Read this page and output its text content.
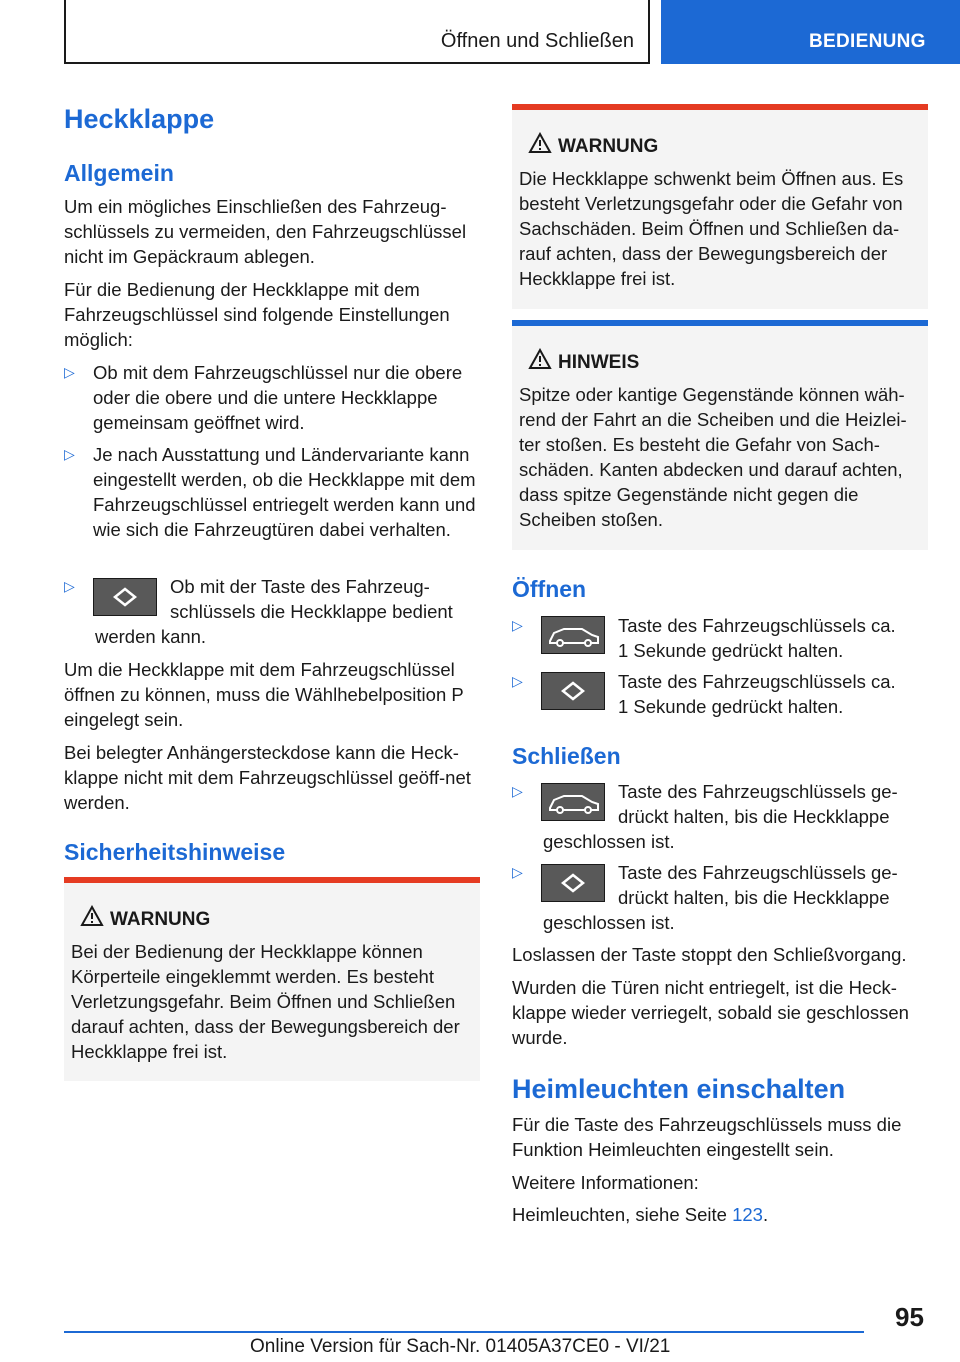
Öffnen und Schließen	BEDIENUNG
Heckklappe
Allgemein
Um ein mögliches Einschließen des Fahrzeug-schlüssels zu vermeiden, den Fahrzeugschlüssel nicht im Gepäckraum ablegen.
Für die Bedienung der Heckklappe mit dem Fahrzeugschlüssel sind folgende Einstellungen möglich:
▷ Ob mit dem Fahrzeugschlüssel nur die obere oder die obere und die untere Heckklappe gemeinsam geöffnet wird.
▷ Je nach Ausstattung und Ländervariante kann eingestellt werden, ob die Heckklappe mit dem Fahrzeugschlüssel entriegelt werden kann und wie sich die Fahrzeugtüren dabei verhalten.
▷	Ob mit der Taste des Fahrzeug-
schlüssels die Heckklappe bedient
werden kann.
Um die Heckklappe mit dem Fahrzeugschlüssel öffnen zu können, muss die Wählhebelposition P eingelegt sein.
Bei belegter Anhängersteckdose kann die Heck-klappe nicht mit dem Fahrzeugschlüssel geöff-net werden.
Sicherheitshinweise
WARNUNG
Bei der Bedienung der Heckklappe können Körperteile eingeklemmt werden. Es besteht Verletzungsgefahr. Beim Öffnen und Schließen darauf achten, dass der Bewegungsbereich der Heckklappe frei ist.
WARNUNG
Die Heckklappe schwenkt beim Öffnen aus. Es besteht Verletzungsgefahr oder die Gefahr von Sachschäden. Beim Öffnen und Schließen da-rauf achten, dass der Bewegungsbereich der Heckklappe frei ist.
HINWEIS
Spitze oder kantige Gegenstände können wäh-rend der Fahrt an die Scheiben und die Heizlei-ter stoßen. Es besteht die Gefahr von Sach-schäden. Kanten abdecken und darauf achten, dass spitze Gegenstände nicht gegen die Scheiben stoßen.
Öffnen
▷	Taste des Fahrzeugschlüssels ca.
1 Sekunde gedrückt halten.
▷	Taste des Fahrzeugschlüssels ca.
1 Sekunde gedrückt halten.
Schließen
▷	Taste des Fahrzeugschlüssels ge-
drückt halten, bis die Heckklappe
geschlossen ist.
▷	Taste des Fahrzeugschlüssels ge-
drückt halten, bis die Heckklappe
geschlossen ist.
Loslassen der Taste stoppt den Schließvorgang.
Wurden die Türen nicht entriegelt, ist die Heck-klappe wieder verriegelt, sobald sie geschlossen wurde.
Heimleuchten einschalten
Für die Taste des Fahrzeugschlüssels muss die Funktion Heimleuchten eingestellt sein.
Weitere Informationen:
Heimleuchten, siehe Seite 123.
95
Online Version für Sach-Nr. 01405A37CE0 - VI/21
